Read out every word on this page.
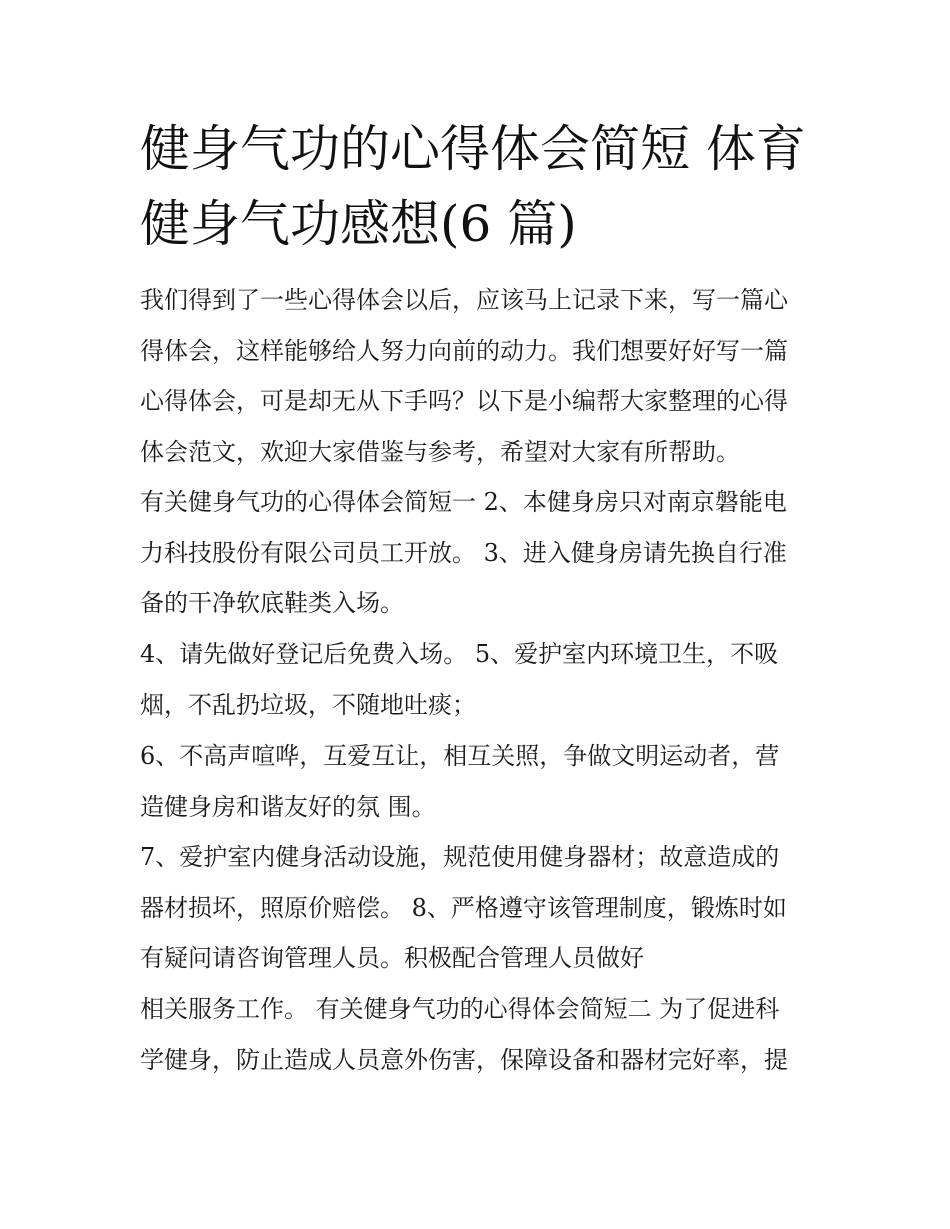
健身气功的心得体会简短 体育
健身气功感想(6 篇)
我们得到了一些心得体会以后，应该马上记录下来，写一篇心
得体会，这样能够给人努力向前的动力。我们想要好好写一篇
心得体会，可是却无从下手吗？以下是小编帮大家整理的心得
体会范文，欢迎大家借鉴与参考，希望对大家有所帮助。
有关健身气功的心得体会简短一 2、本健身房只对南京磐能电
力科技股份有限公司员工开放。 3、进入健身房请先换自行准
备的干净软底鞋类入场。
4、请先做好登记后免费入场。 5、爱护室内环境卫生，不吸
烟，不乱扔垃圾，不随地吐痰；
6、不高声喧哗，互爱互让，相互关照，争做文明运动者，营
造健身房和谐友好的氛 围。
7、爱护室内健身活动设施，规范使用健身器材；故意造成的
器材损坏，照原价赔偿。 8、严格遵守该管理制度，锻炼时如
有疑问请咨询管理人员。积极配合管理人员做好
相关服务工作。 有关健身气功的心得体会简短二 为了促进科
学健身，防止造成人员意外伤害，保障设备和器材完好率，提
